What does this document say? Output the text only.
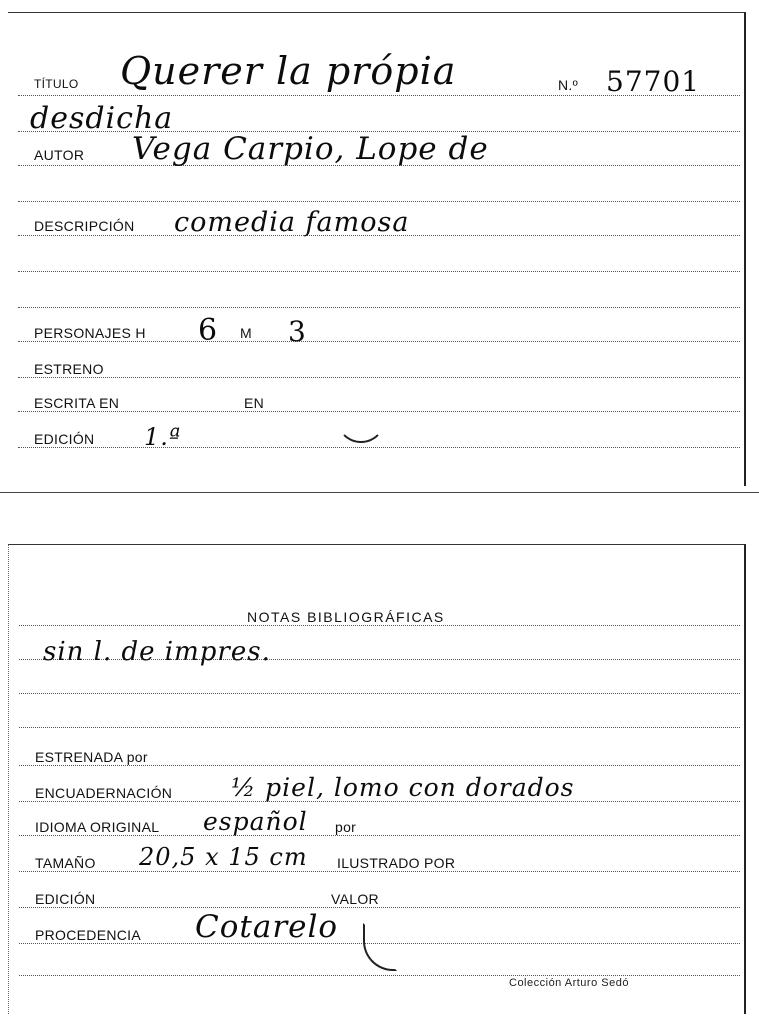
TÍTULO Querer la própia	N.º 57701
desdicha
AUTOR Vega Carpio, Lope de
DESCRIPCIÓN comedia famosa
PERSONAJES H 6 M 3
ESTRENO
ESCRITA EN	EN
EDICIÓN 1.ª
NOTAS BIBLIOGRÁFICAS
sin l. de impres.
ESTRENADA por
ENCUADERNACIÓN ½ piel, lomo con dorados
IDIOMA ORIGINAL español por
TAMAÑO 20,5 x 15 cm ILUSTRADO POR
EDICIÓN	VALOR
PROCEDENCIA Cotarelo
Colección Arturo Sedó
